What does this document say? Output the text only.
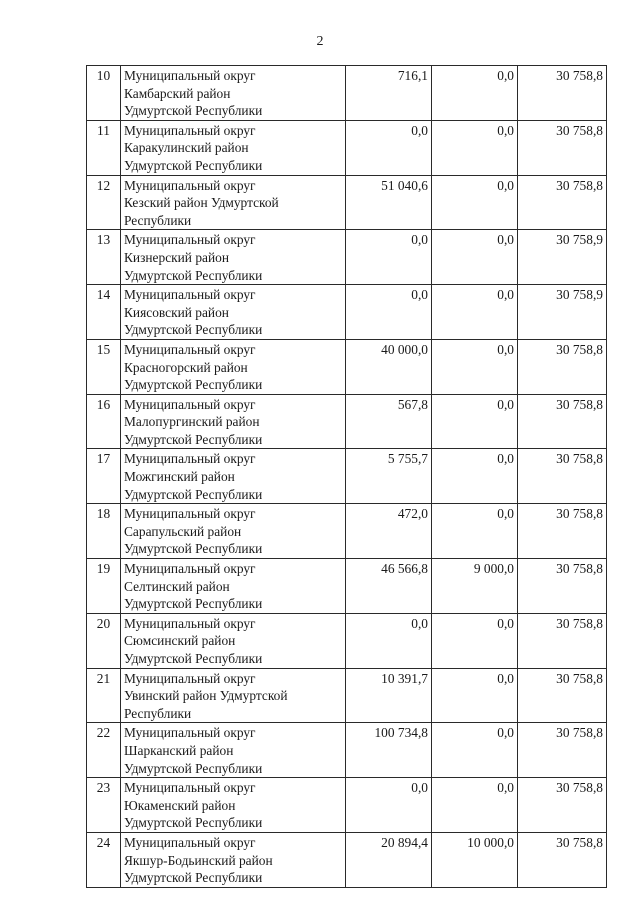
2
10	Муниципальный округ
Камбарский район
Удмуртской Республики	716,1	0,0	30 758,8
11	Муниципальный округ
Каракулинский район
Удмуртской Республики	0,0	0,0	30 758,8
12	Муниципальный округ
Кезский район Удмуртской
Республики	51 040,6	0,0	30 758,8
13	Муниципальный округ
Кизнерский район
Удмуртской Республики	0,0	0,0	30 758,9
14	Муниципальный округ
Киясовский район
Удмуртской Республики	0,0	0,0	30 758,9
15	Муниципальный округ
Красногорский район
Удмуртской Республики	40 000,0	0,0	30 758,8
16	Муниципальный округ
Малопургинский район
Удмуртской Республики	567,8	0,0	30 758,8
17	Муниципальный округ
Можгинский район
Удмуртской Республики	5 755,7	0,0	30 758,8
18	Муниципальный округ
Сарапульский район
Удмуртской Республики	472,0	0,0	30 758,8
19	Муниципальный округ
Селтинский район
Удмуртской Республики	46 566,8	9 000,0	30 758,8
20	Муниципальный округ
Сюмсинский район
Удмуртской Республики	0,0	0,0	30 758,8
21	Муниципальный округ
Увинский район Удмуртской
Республики	10 391,7	0,0	30 758,8
22	Муниципальный округ
Шарканский район
Удмуртской Республики	100 734,8	0,0	30 758,8
23	Муниципальный округ
Юкаменский район
Удмуртской Республики	0,0	0,0	30 758,8
24	Муниципальный округ
Якшур-Бодьинский район
Удмуртской Республики	20 894,4	10 000,0	30 758,8
